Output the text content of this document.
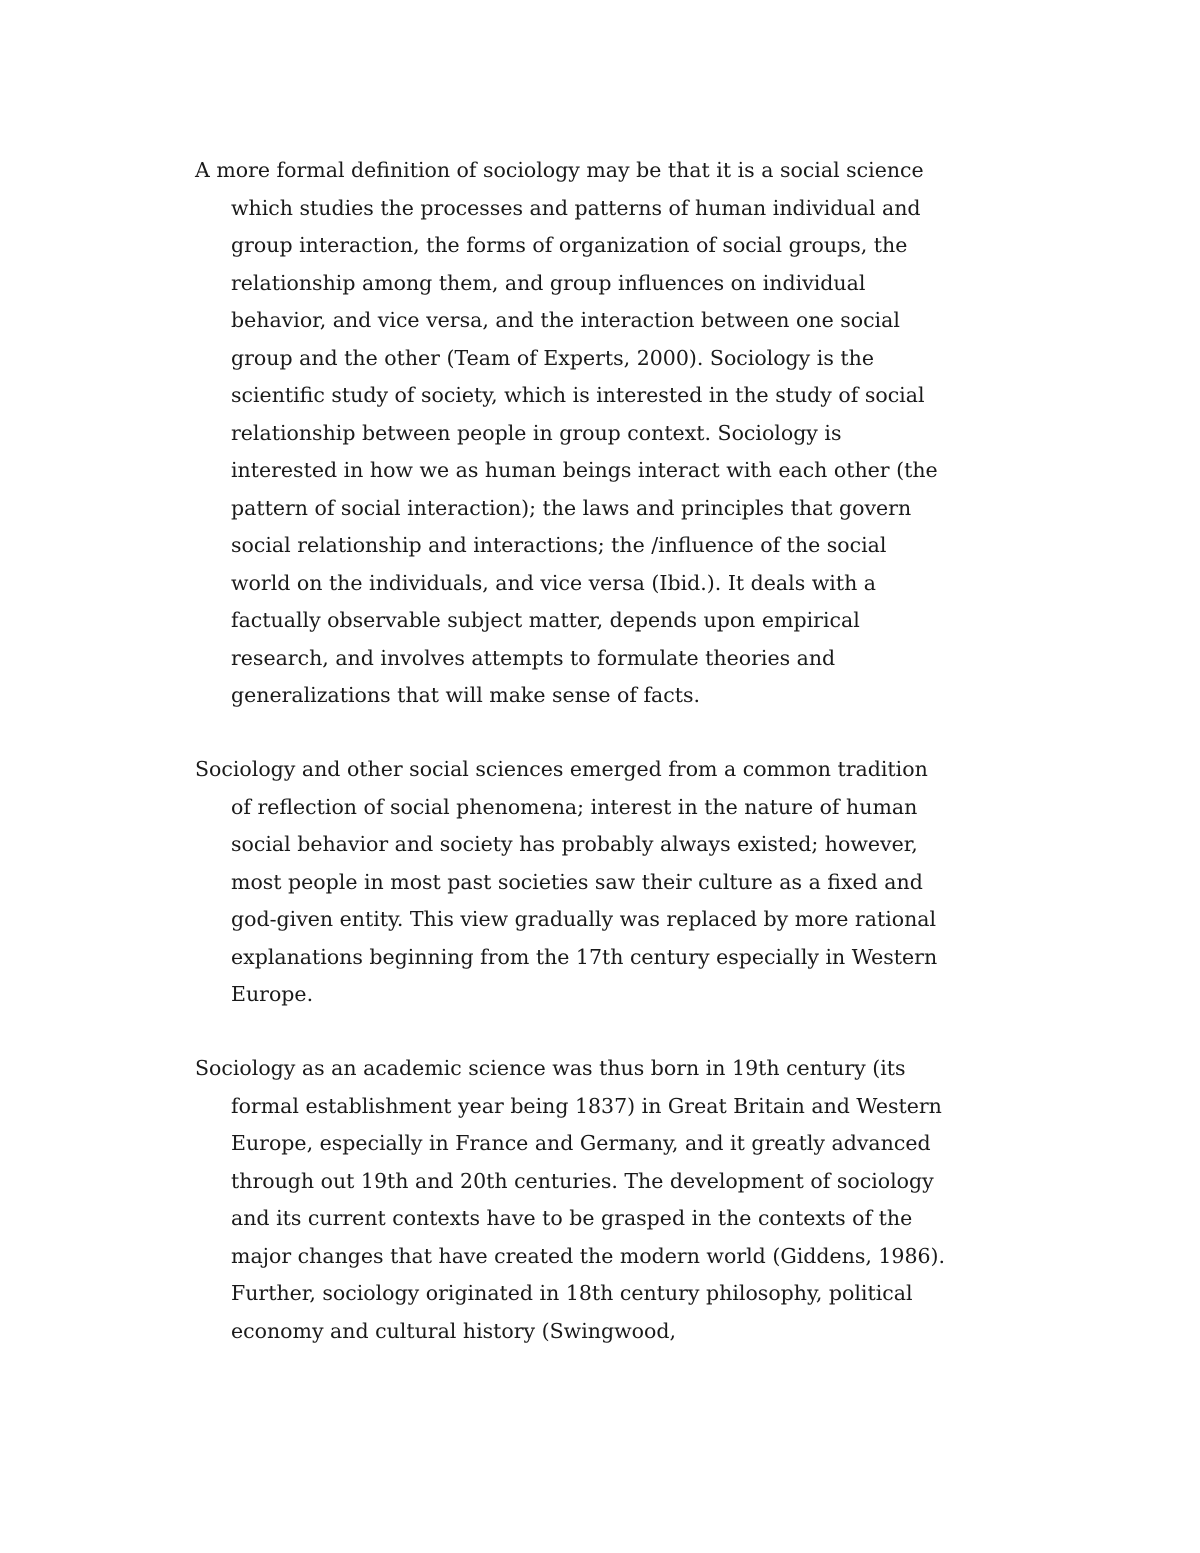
A more formal definition of sociology may be that it is a social science
which studies the processes and patterns of human individual and
group interaction, the forms of organization of social groups, the
relationship among them, and group influences on individual
behavior, and vice versa, and the interaction between one social
group and the other (Team of Experts, 2000). Sociology is the
scientific study of society, which is interested in the study of social
relationship between people in group context. Sociology is
interested in how we as human beings interact with each other (the
pattern of social interaction); the laws and principles that govern
social relationship and interactions; the /influence of the social
world on the individuals, and vice versa (Ibid.). It deals with a
factually observable subject matter, depends upon empirical
research, and involves attempts to formulate theories and
generalizations that will make sense of facts.
Sociology and other social sciences emerged from a common tradition
of reflection of social phenomena; interest in the nature of human
social behavior and society has probably always existed; however,
most people in most past societies saw their culture as a fixed and
god-given entity. This view gradually was replaced by more rational
explanations beginning from the 17th century especially in Western
Europe.
Sociology as an academic science was thus born in 19th century (its
formal establishment year being 1837) in Great Britain and Western
Europe, especially in France and Germany, and it greatly advanced
through out 19th and 20th centuries. The development of sociology
and its current contexts have to be grasped in the contexts of the
major changes that have created the modern world (Giddens, 1986).
Further, sociology originated in 18th century philosophy, political
economy and cultural history (Swingwood,
